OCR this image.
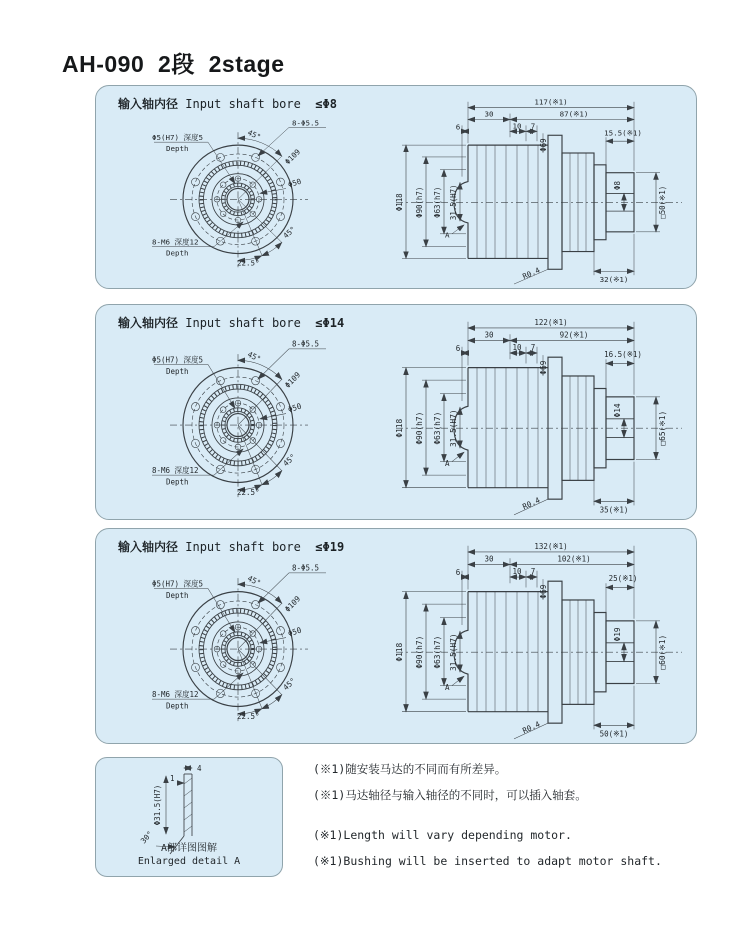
AH-090  2段  2stage
输入轴内径 Input shaft bore ≤Φ8
Φ5(H7) 深度5
Depth
8-Φ5.5
45°
Φ109
Φ50
8-M6 深度12
Depth
22.5°
45°
117(※1)
30	87(※1)
6	10 7
Φ69
15.5(※1)
Φ118 Φ90(h7) Φ63(h7) 31.5(H7)	Φ8
□50(※1)
32(※1)
A
R0.4
输入轴内径 Input shaft bore ≤Φ14
Φ5(H7) 深度5
Depth
8-Φ5.5
45°
Φ109
Φ50
8-M6 深度12
Depth
22.5°
45°
122(※1)
30	92(※1)
6	10 7
Φ69
16.5(※1)
Φ118 Φ90(h7) Φ63(h7) 31.5(H7)	Φ14
□65(※1)
35(※1)
A
R0.4
输入轴内径 Input shaft bore ≤Φ19
Φ5(H7) 深度5
Depth
8-Φ5.5
45°
Φ109
Φ50
8-M6 深度12
Depth
22.5°
45°
132(※1)
30	102(※1)
6	10 7
Φ69
25(※1)
Φ118 Φ90(h7) Φ63(h7) 31.5(H7)	Φ19
□60(※1)
50(※1)
A
R0.4
4
1
Φ31.5(H7)
30°
A部详图图解
Enlarged detail A
(※1)随安装马达的不同而有所差异。
(※1)马达轴径与输入轴径的不同时，可以插入轴套。
(※1)Length will vary depending motor.
(※1)Bushing will be inserted to adapt motor shaft.
